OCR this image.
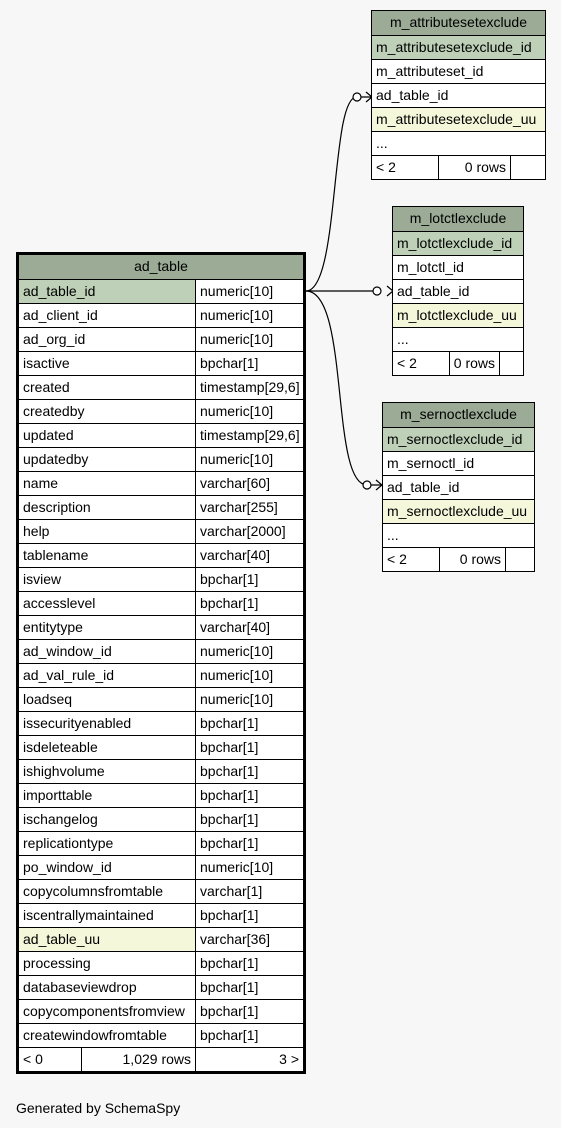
ad_table
ad_table_id	numeric[10]
ad_client_id	numeric[10]
ad_org_id	numeric[10]
isactive	bpchar[1]
created	timestamp[29,6]
createdby	numeric[10]
updated	timestamp[29,6]
updatedby	numeric[10]
name	varchar[60]
description	varchar[255]
help	varchar[2000]
tablename	varchar[40]
isview	bpchar[1]
accesslevel	bpchar[1]
entitytype	varchar[40]
ad_window_id	numeric[10]
ad_val_rule_id	numeric[10]
loadseq	numeric[10]
issecurityenabled	bpchar[1]
isdeleteable	bpchar[1]
ishighvolume	bpchar[1]
importtable	bpchar[1]
ischangelog	bpchar[1]
replicationtype	bpchar[1]
po_window_id	numeric[10]
copycolumnsfromtable	varchar[1]
iscentrallymaintained	bpchar[1]
ad_table_uu	varchar[36]
processing	bpchar[1]
databaseviewdrop	bpchar[1]
copycomponentsfromview	bpchar[1]
createwindowfromtable	bpchar[1]
< 0	1,029 rows	3 >
m_attributesetexclude
m_attributesetexclude_id
m_attributeset_id
ad_table_id
m_attributesetexclude_uu
...
< 2	0 rows
m_lotctlexclude
m_lotctlexclude_id
m_lotctl_id
ad_table_id
m_lotctlexclude_uu
...
< 2	0 rows
m_sernoctlexclude
m_sernoctlexclude_id
m_sernoctl_id
ad_table_id
m_sernoctlexclude_uu
...
< 2	0 rows
Generated by SchemaSpy
